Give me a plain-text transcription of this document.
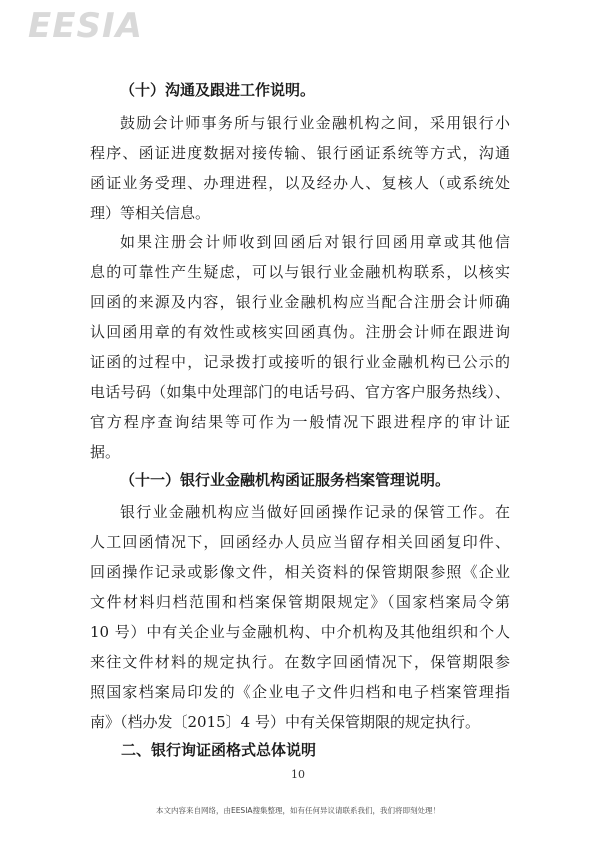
EESIA
（十）沟通及跟进工作说明。
鼓励会计师事务所与银行业金融机构之间，采用银行小
程序、函证进度数据对接传输、银行函证系统等方式，沟通
函证业务受理、办理进程，以及经办人、复核人（或系统处
理）等相关信息。
如果注册会计师收到回函后对银行回函用章或其他信
息的可靠性产生疑虑，可以与银行业金融机构联系，以核实
回函的来源及内容，银行业金融机构应当配合注册会计师确
认回函用章的有效性或核实回函真伪。注册会计师在跟进询
证函的过程中，记录拨打或接听的银行业金融机构已公示的
电话号码（如集中处理部门的电话号码、官方客户服务热线）、
官方程序查询结果等可作为一般情况下跟进程序的审计证
据。
（十一）银行业金融机构函证服务档案管理说明。
银行业金融机构应当做好回函操作记录的保管工作。在
人工回函情况下，回函经办人员应当留存相关回函复印件、
回函操作记录或影像文件，相关资料的保管期限参照《企业
文件材料归档范围和档案保管期限规定》（国家档案局令第
10 号）中有关企业与金融机构、中介机构及其他组织和个人
来往文件材料的规定执行。在数字回函情况下，保管期限参
照国家档案局印发的《企业电子文件归档和电子档案管理指
南》（档办发〔2015〕4 号）中有关保管期限的规定执行。
二、银行询证函格式总体说明
10
本文内容来自网络，由EESIA搜集整理，如有任何异议请联系我们，我们将即刻处理！
